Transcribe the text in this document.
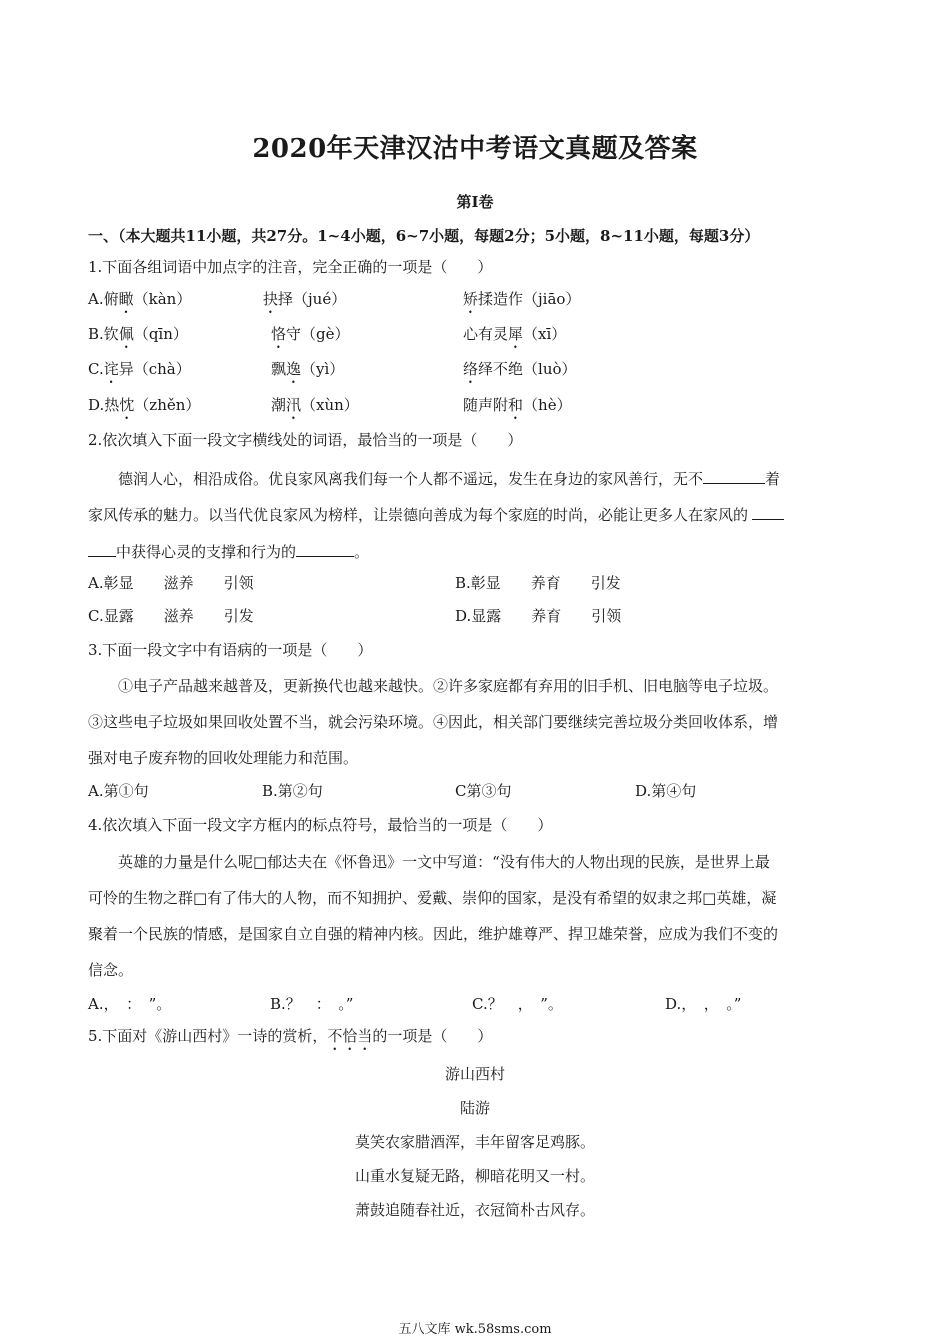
2020年天津汉沽中考语文真题及答案
第Ⅰ卷
一、（本大题共11小题，共27分。1~4小题，6~7小题，每题2分；5小题，8~11小题，每题3分）
1.下面各组词语中加点字的注音，完全正确的一项是（　　）
A.俯瞰（kàn）	抉择（jué）	矫揉造作（jiāo）
B.钦佩（qīn）	恪守（gè）	心有灵犀（xī）
C.诧异（chà）	飘逸（yì）	络绎不绝（luò）
D.热忱（zhěn）	潮汛（xùn）	随声附和（hè）
2.依次填入下面一段文字横线处的词语，最恰当的一项是（　　）
德润人心，相沿成俗。优良家风离我们每一个人都不遥远，发生在身边的家风善行，无不	着
家风传承的魅力。以当代优良家风为榜样，让崇德向善成为每个家庭的时尚，必能让更多人在家风的
中获得心灵的支撑和行为的	。
A.彰显　　滋养　　引领	B.彰显　　养育　　引发
C.显露　　滋养　　引发	D.显露　　养育　　引领
3.下面一段文字中有语病的一项是（　　）
①电子产品越来越普及，更新换代也越来越快。②许多家庭都有弃用的旧手机、旧电脑等电子垃圾。
③这些电子垃圾如果回收处置不当，就会污染环境。④因此，相关部门要继续完善垃圾分类回收体系，增
强对电子废弃物的回收处理能力和范围。
A.第①句	B.第②句	C第③句	D.第④句
4.依次填入下面一段文字方框内的标点符号，最恰当的一项是（　　）
英雄的力量是什么呢□郁达夫在《怀鲁迅》一文中写道：“没有伟大的人物出现的民族，是世界上最
可怜的生物之群□有了伟大的人物，而不知拥护、爱戴、崇仰的国家，是没有希望的奴隶之邦□英雄，凝
聚着一个民族的情感，是国家自立自强的精神内核。因此，维护雄尊严、捍卫雄荣誉，应成为我们不变的
信念。
A.，　：　”。	B.？　：　。”	C.？　，　”。	D.，　，　。”
5.下面对《游山西村》一诗的赏析，不恰当的一项是（　　）
游山西村
陆游
莫笑农家腊酒浑，丰年留客足鸡豚。
山重水复疑无路，柳暗花明又一村。
萧鼓追随春社近，衣冠简朴古风存。
五八文库 wk.58sms.com
